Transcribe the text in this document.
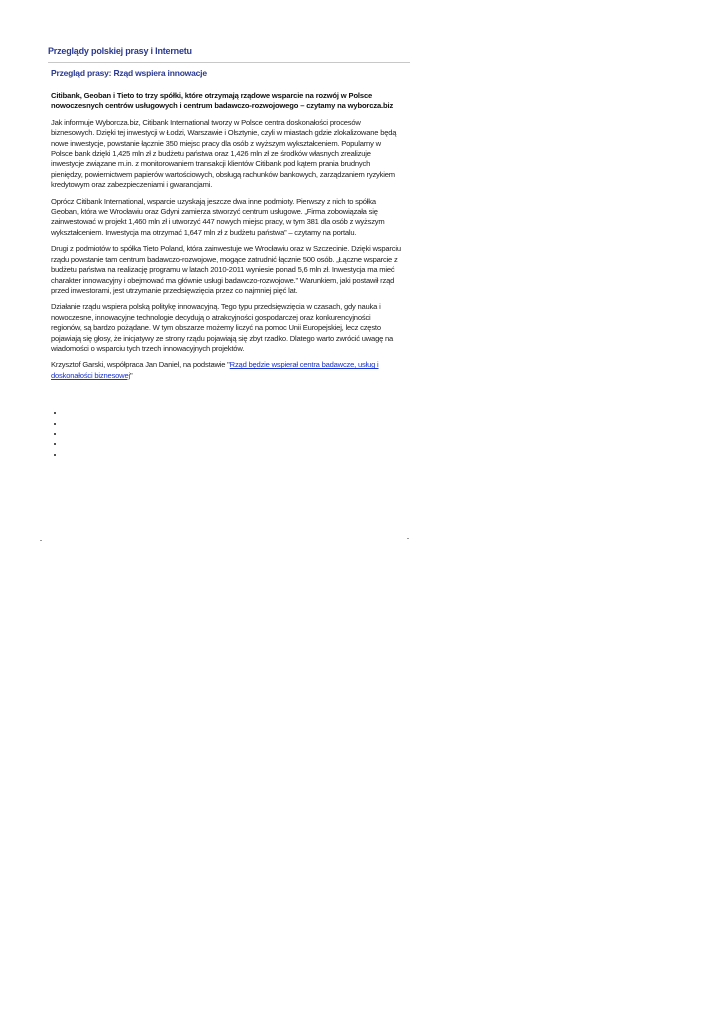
Przeglądy polskiej prasy i Internetu
Przegląd prasy: Rząd wspiera innowacje

Citibank, Geoban i Tieto to trzy spółki, które otrzymają rządowe wsparcie na rozwój w Polsce nowoczesnych centrów usługowych i centrum badawczo-rozwojowego – czytamy na wyborcza.biz

Jak informuje Wyborcza.biz, Citibank International tworzy w Polsce centra doskonałości procesów biznesowych. Dzięki tej inwestycji w Łodzi, Warszawie i Olsztynie, czyli w miastach gdzie zlokalizowane będą nowe inwestycje, powstanie łącznie 350 miejsc pracy dla osób z wyższym wykształceniem. Popularny w Polsce bank dzięki 1,425 mln zł z budżetu państwa oraz 1,426 mln zł ze środków własnych zrealizuje inwestycje związane m.in. z monitorowaniem transakcji klientów Citibank pod kątem prania brudnych pieniędzy, powiernictwem papierów wartościowych, obsługą rachunków bankowych, zarządzaniem ryzykiem kredytowym oraz zabezpieczeniami i gwarancjami.

Oprócz Citibank International, wsparcie uzyskają jeszcze dwa inne podmioty. Pierwszy z nich to spółka Geoban, która we Wrocławiu oraz Gdyni zamierza stworzyć centrum usługowe. „Firma zobowiązała się zainwestować w projekt 1,460 mln zł i utworzyć 447 nowych miejsc pracy, w tym 381 dla osób z wyższym wykształceniem. Inwestycja ma otrzymać 1,647 mln zł z budżetu państwa” – czytamy na portalu.

Drugi z podmiotów to spółka Tieto Poland, która zainwestuje we Wrocławiu oraz w Szczecinie. Dzięki wsparciu rządu powstanie tam centrum badawczo-rozwojowe, mogące zatrudnić łącznie 500 osób. „Łączne wsparcie z budżetu państwa na realizację programu w latach 2010-2011 wyniesie ponad 5,6 mln zł. Inwestycja ma mieć charakter innowacyjny i obejmować ma głównie usługi badawczo-rozwojowe.” Warunkiem, jaki postawił rząd przed inwestorami, jest utrzymanie przedsięwzięcia przez co najmniej pięć lat.

Działanie rządu wspiera polską politykę innowacyjną. Tego typu przedsięwzięcia w czasach, gdy nauka i nowoczesne, innowacyjne technologie decydują o atrakcyjności gospodarczej oraz konkurencyjności regionów, są bardzo pożądane. W tym obszarze możemy liczyć na pomoc Unii Europejskiej, lecz często pojawiają się głosy, że inicjatywy ze strony rządu pojawiają się zbyt rzadko. Dlatego warto zwrócić uwagę na wiadomości o wsparciu tych trzech innowacyjnych projektów.

Krzysztof Garski, współpraca Jan Daniel, na podstawie "Rząd będzie wspierał centra badawcze, usług i doskonałości biznesowej"

•
•
•
•
•
